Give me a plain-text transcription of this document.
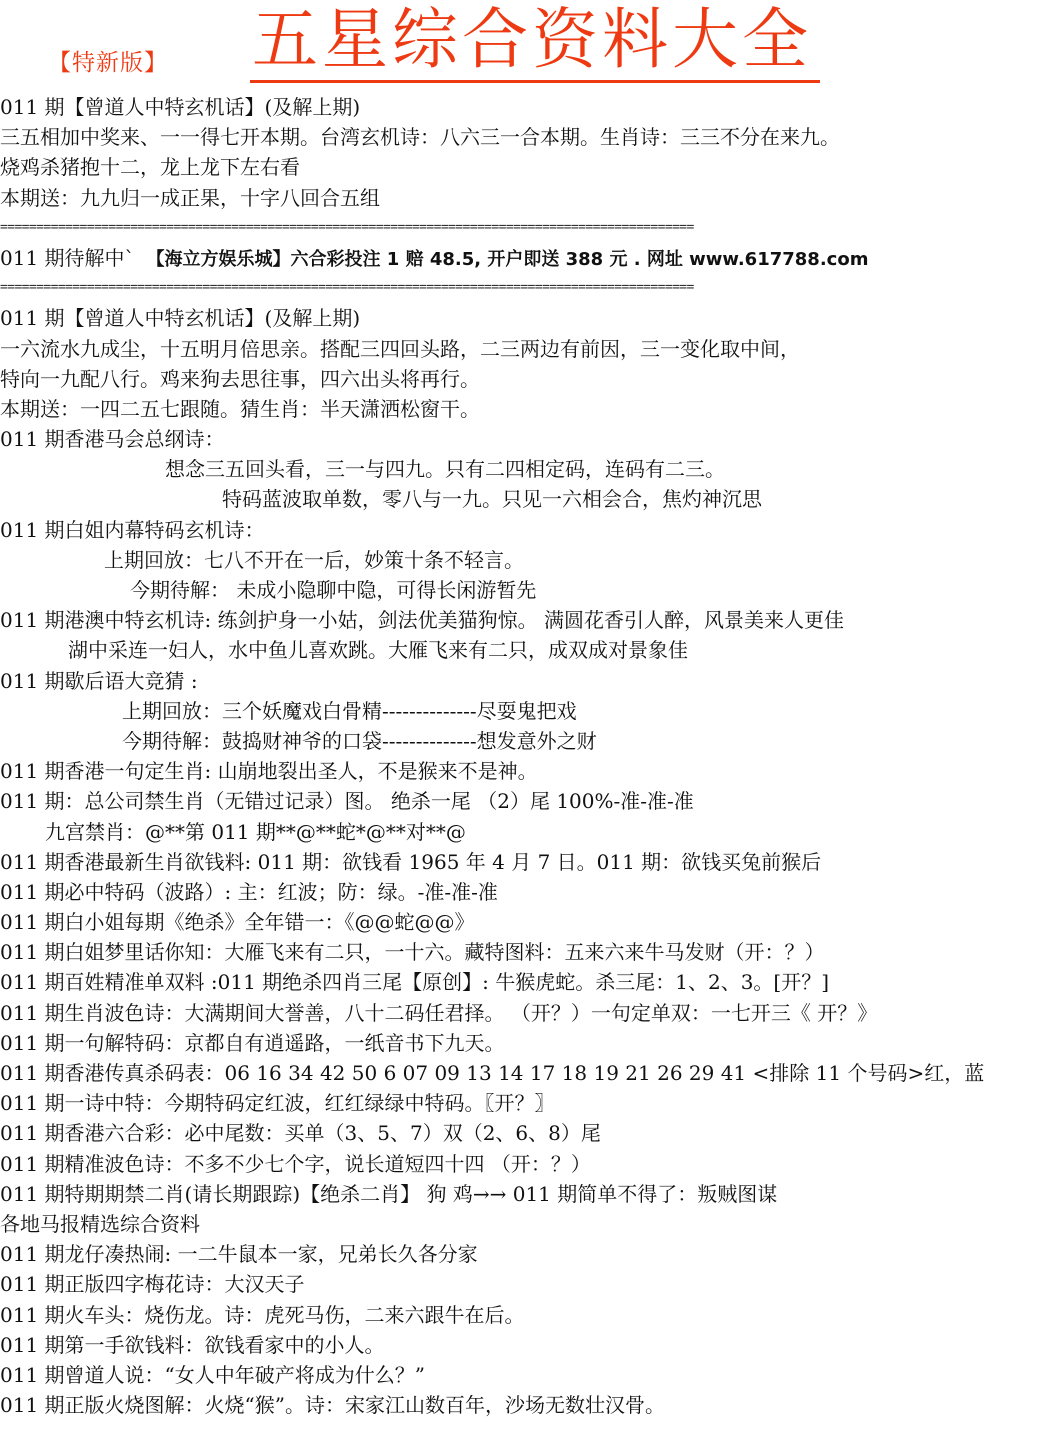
【特新版】 五星综合资料大全
011 期【曾道人中特玄机话】(及解上期)
三五相加中奖来、一一得七开本期。台湾玄机诗：八六三一合本期。生肖诗：三三不分在来九。
烧鸡杀猪抱十二，龙上龙下左右看
本期送：九九归一成正果，十字八回合五组
================================================================================================
011 期待解中` 【海立方娱乐城】六合彩投注 1 赔 48.5, 开户即送 388 元 . 网址 www.617788.com
================================================================================================
011 期【曾道人中特玄机话】(及解上期)
一六流水九成尘，十五明月倍思亲。搭配三四回头路，二三两边有前因，三一变化取中间，
特向一九配八行。鸡来狗去思往事，四六出头将再行。
本期送：一四二五七跟随。猜生肖：半天潇洒松窗干。
011 期香港马会总纲诗：
想念三五回头看，三一与四九。只有二四相定码，连码有二三。
特码蓝波取单数，零八与一九。只见一六相会合，焦灼神沉思
011 期白姐内幕特码玄机诗：
上期回放：七八不开在一后，妙策十条不轻言。
今期待解： 未成小隐聊中隐，可得长闲游暂先
011 期港澳中特玄机诗: 练剑护身一小姑，剑法优美猫狗惊。 满圆花香引人醉，风景美来人更佳
湖中采连一妇人，水中鱼儿喜欢跳。大雁飞来有二只，成双成对景象佳
011 期歇后语大竞猜 :
上期回放：三个妖魔戏白骨精--------------尽耍鬼把戏
今期待解：鼓捣财神爷的口袋--------------想发意外之财
011 期香港一句定生肖: 山崩地裂出圣人，不是猴来不是神。
011 期：总公司禁生肖（无错过记录）图。 绝杀一尾 （2）尾 100%-准-准-准
九宫禁肖：@**第 011 期**@**蛇*@**对**@
011 期香港最新生肖欲钱料: 011 期：欲钱看 1965 年 4 月 7 日。011 期：欲钱买兔前猴后
011 期必中特码（波路）: 主：红波；防：绿。-准-准-准
011 期白小姐每期《绝杀》全年错一：《@@蛇@@》
011 期白姐梦里话你知：大雁飞来有二只，一十六。藏特图料：五来六来牛马发财（开：？）
011 期百姓精准单双料 :011 期绝杀四肖三尾【原创】: 牛猴虎蛇。杀三尾：1、2、3。[开？]
011 期生肖波色诗：大满期间大誉善，八十二码任君择。 （开？）一句定单双：一七开三《 开？》
011 期一句解特码：京都自有逍遥路，一纸音书下九天。
011 期香港传真杀码表：06 16 34 42 50 6 07 09 13 14 17 18 19 21 26 29 41 <排除 11 个号码>红，蓝
011 期一诗中特：今期特码定红波，红红绿绿中特码。〖开？〗
011 期香港六合彩：必中尾数：买单（3、5、7）双（2、6、8）尾
011 期精准波色诗：不多不少七个字，说长道短四十四 （开：？）
011 期特期期禁二肖(请长期跟踪)【绝杀二肖】 狗 鸡→→ 011 期简单不得了：叛贼图谋
各地马报精选综合资料
011 期龙仔凑热闹: 一二牛鼠本一家，兄弟长久各分家
011 期正版四字梅花诗：大汉天子
011 期火车头：烧伤龙。诗：虎死马伤，二来六跟牛在后。
011 期第一手欲钱料：欲钱看家中的小人。
011 期曾道人说：“女人中年破产将成为什么？”
011 期正版火烧图解：火烧“猴”。诗：宋家江山数百年，沙场无数壮汉骨。
